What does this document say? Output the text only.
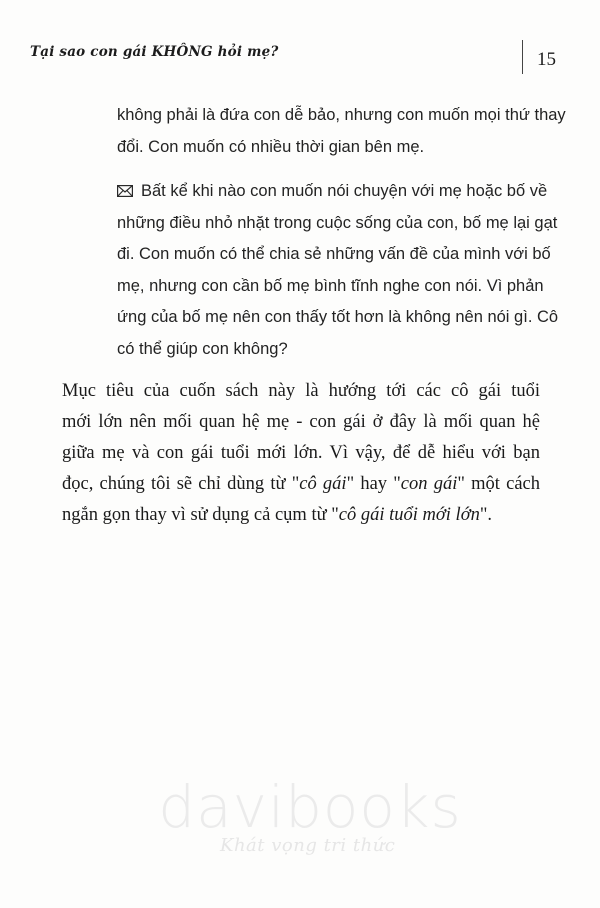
Tại sao con gái KHÔNG hỏi mẹ?	15

không phải là đứa con dễ bảo, nhưng con muốn mọi thứ thay đổi. Con muốn có nhiều thời gian bên mẹ.

Bất kể khi nào con muốn nói chuyện với mẹ hoặc bố về những điều nhỏ nhặt trong cuộc sống của con, bố mẹ lại gạt đi. Con muốn có thể chia sẻ những vấn đề của mình với bố mẹ, nhưng con cần bố mẹ bình tĩnh nghe con nói. Vì phản ứng của bố mẹ nên con thấy tốt hơn là không nên nói gì. Cô có thể giúp con không?

Mục tiêu của cuốn sách này là hướng tới các cô gái tuổi
mới lớn nên mối quan hệ mẹ - con gái ở đây là mối quan hệ
giữa mẹ và con gái tuổi mới lớn. Vì vậy, để dễ hiểu với bạn
đọc, chúng tôi sẽ chỉ dùng từ "cô gái" hay "con gái" một cách
ngắn gọn thay vì sử dụng cả cụm từ "cô gái tuổi mới lớn".

davibooks
Khát vọng tri thức
